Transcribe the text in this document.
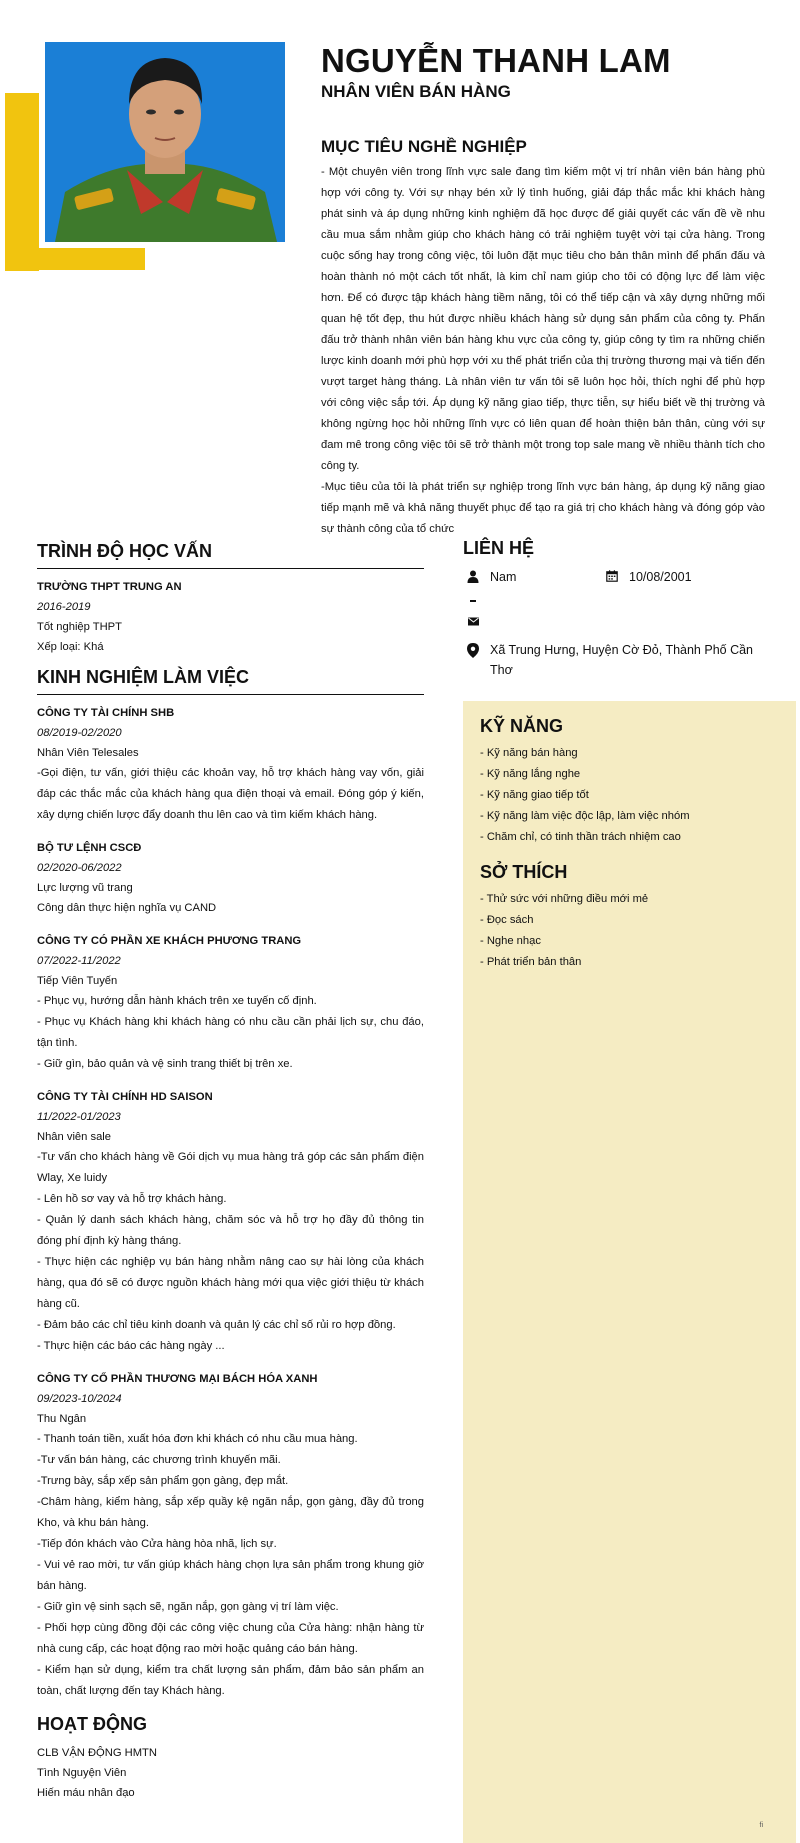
NGUYỄN THANH LAM
NHÂN VIÊN BÁN HÀNG
MỤC TIÊU NGHỀ NGHIỆP

- Một chuyên viên trong lĩnh vực sale đang tìm kiếm một vị trí nhân viên bán hàng phù hợp với công ty. Với sự nhạy bén xử lý tình huống, giải đáp thắc mắc khi khách hàng phát sinh và áp dụng những kinh nghiệm đã học được để giải quyết các vấn đề về nhu cầu mua sắm nhằm giúp cho khách hàng có trải nghiệm tuyệt vời tại cửa hàng. Trong cuộc sống hay trong công việc, tôi luôn đặt mục tiêu cho bản thân mình để phấn đấu và hoàn thành nó một cách tốt nhất, là kim chỉ nam giúp cho tôi có động lực để làm việc hơn. Để có được tập khách hàng tiềm năng, tôi có thể tiếp cận và xây dựng những mối quan hệ tốt đẹp, thu hút được nhiều khách hàng sử dụng sản phẩm của công ty. Phấn đấu trở thành nhân viên bán hàng khu vực của công ty, giúp công ty tìm ra những chiến lược kinh doanh mới phù hợp với xu thế phát triển của thị trường thương mại và tiến đến vượt target hàng tháng. Là nhân viên tư vấn tôi sẽ luôn học hỏi, thích nghi để phù hợp với công việc sắp tới. Áp dụng kỹ năng giao tiếp, thực tiễn, sự hiểu biết về thị trường và không ngừng học hỏi những lĩnh vực có liên quan để hoàn thiện bản thân, cùng với sự đam mê trong công việc tôi sẽ trở thành một trong top sale mang về nhiều thành tích cho công ty.

-Mục tiêu của tôi là phát triển sự nghiệp trong lĩnh vực bán hàng, áp dụng kỹ năng giao tiếp mạnh mẽ và khả năng thuyết phục để tạo ra giá trị cho khách hàng và đóng góp vào sự thành công của tổ chức

TRÌNH ĐỘ HỌC VẤN
TRƯỜNG THPT TRUNG AN
2016-2019
Tốt nghiệp THPT
Xếp loại: Khá
KINH NGHIỆM LÀM VIỆC
CÔNG TY TÀI CHÍNH SHB
08/2019-02/2020
Nhân Viên Telesales
-Gọi điện, tư vấn, giới thiệu các khoản vay, hỗ trợ khách hàng vay vốn, giải đáp các thắc mắc của khách hàng qua điện thoại và email. Đóng góp ý kiến, xây dựng chiến lược đẩy doanh thu lên cao và tìm kiếm khách hàng.
BỘ TƯ LỆNH CSCĐ
02/2020-06/2022
Lực lượng vũ trang
Công dân thực hiện nghĩa vụ CAND
CÔNG TY CÓ PHẦN XE KHÁCH PHƯƠNG TRANG
07/2022-11/2022
Tiếp Viên Tuyến
- Phục vụ, hướng dẫn hành khách trên xe tuyến cố định.
- Phục vụ Khách hàng khi khách hàng có nhu cầu cần phải lịch sự, chu đáo, tận tình.
- Giữ gìn, bảo quản và vệ sinh trang thiết bị trên xe.
CÔNG TY TÀI CHÍNH HD SAISON
11/2022-01/2023
Nhân viên sale
-Tư vấn cho khách hàng về Gói dịch vụ mua hàng trả góp các sản phẩm điện Wlay, Xe luidy
- Lên hồ sơ vay và hỗ trợ khách hàng.
- Quản lý danh sách khách hàng, chăm sóc và hỗ trợ họ đầy đủ thông tin đóng phí định kỳ hàng tháng.
- Thực hiện các nghiệp vụ bán hàng nhằm nâng cao sự hài lòng của khách hàng, qua đó sẽ có được nguồn khách hàng mới qua việc giới thiệu từ khách hàng cũ.
- Đảm bảo các chỉ tiêu kinh doanh và quản lý các chỉ số rủi ro hợp đồng.
- Thực hiện các báo các hàng ngày ...
CÔNG TY CỔ PHẦN THƯƠNG MẠI BÁCH HÓA XANH
09/2023-10/2024
Thu Ngân
- Thanh toán tiền, xuất hóa đơn khi khách có nhu cầu mua hàng.
-Tư vấn bán hàng, các chương trình khuyến mãi.
-Trưng bày, sắp xếp sản phẩm gọn gàng, đẹp mắt.
-Châm hàng, kiểm hàng, sắp xếp quầy kệ ngăn nắp, gọn gàng, đầy đủ trong Kho, và khu bán hàng.
-Tiếp đón khách vào Cửa hàng hòa nhã, lịch sự.
- Vui vẻ rao mời, tư vấn giúp khách hàng chọn lựa sản phẩm trong khung giờ bán hàng.
- Giữ gìn vệ sinh sạch sẽ, ngăn nắp, gọn gàng vị trí làm việc.
- Phối hợp cùng đồng đội các công việc chung của Cửa hàng: nhận hàng từ nhà cung cấp, các hoạt động rao mời hoặc quảng cáo bán hàng.
- Kiểm hạn sử dụng, kiểm tra chất lượng sản phẩm, đảm bảo sản phẩm an toàn, chất lượng đến tay Khách hàng.
HOẠT ĐỘNG
CLB VẬN ĐỘNG HMTN
Tình Nguyện Viên
Hiến máu nhân đạo
LIÊN HỆ
Nam	10/08/2001
Xã Trung Hưng, Huyện Cờ Đỏ, Thành Phố Cần Thơ
KỸ NĂNG
- Kỹ năng bán hàng
- Kỹ năng lắng nghe
- Kỹ năng giao tiếp tốt
- Kỹ năng làm việc độc lập, làm việc nhóm
- Chăm chỉ, có tinh thần trách nhiệm cao
SỞ THÍCH
- Thử sức với những điều mới mẻ
- Đọc sách
- Nghe nhạc
- Phát triển bản thân
fi
